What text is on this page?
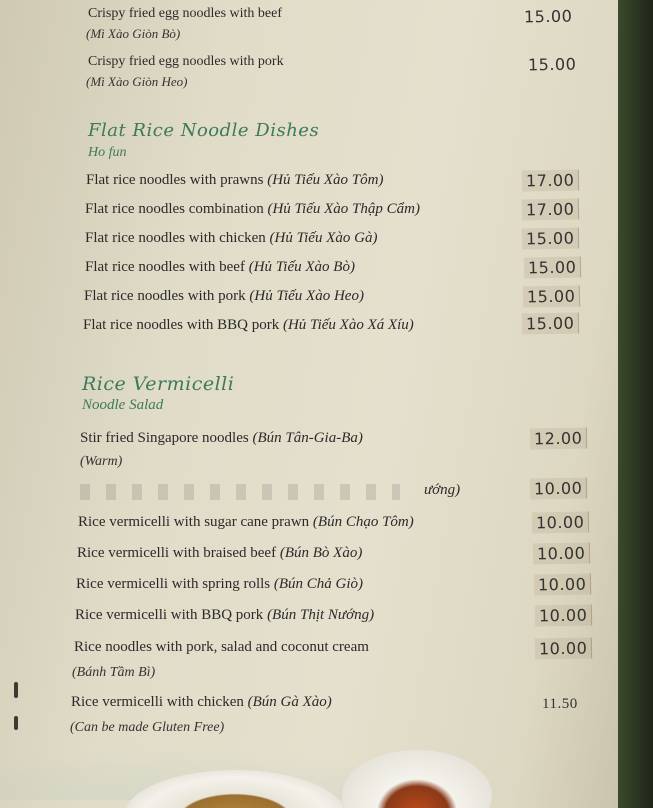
Crispy fried egg noodles with beef
(Mì Xào Giòn Bò)
15.00
Crispy fried egg noodles with pork
(Mì Xào Giòn Heo)
15.00
Flat Rice Noodle Dishes
Ho fun
Flat rice noodles with prawns (Hủ Tiếu Xào Tôm)	17.00
Flat rice noodles combination (Hủ Tiếu Xào Thập Cẩm)	17.00
Flat rice noodles with chicken (Hủ Tiếu Xào Gà)	15.00
Flat rice noodles with beef (Hủ Tiếu Xào Bò)	15.00
Flat rice noodles with pork (Hủ Tiếu Xào Heo)	15.00
Flat rice noodles with BBQ pork (Hủ Tiếu Xào Xá Xíu)	15.00
Rice Vermicelli
Noodle Salad
Stir fried Singapore noodles (Bún Tân-Gia-Ba)
(Warm)
12.00
ướng)	10.00
Rice vermicelli with sugar cane prawn (Bún Chạo Tôm)	10.00
Rice vermicelli with braised beef (Bún Bò Xào)	10.00
Rice vermicelli with spring rolls (Bún Chả Giò)	10.00
Rice vermicelli with BBQ pork (Bún Thịt Nướng)	10.00
Rice noodles with pork, salad and coconut cream
(Bánh Tầm Bì)
10.00
Rice vermicelli with chicken (Bún Gà Xào)
(Can be made Gluten Free)
11.50
